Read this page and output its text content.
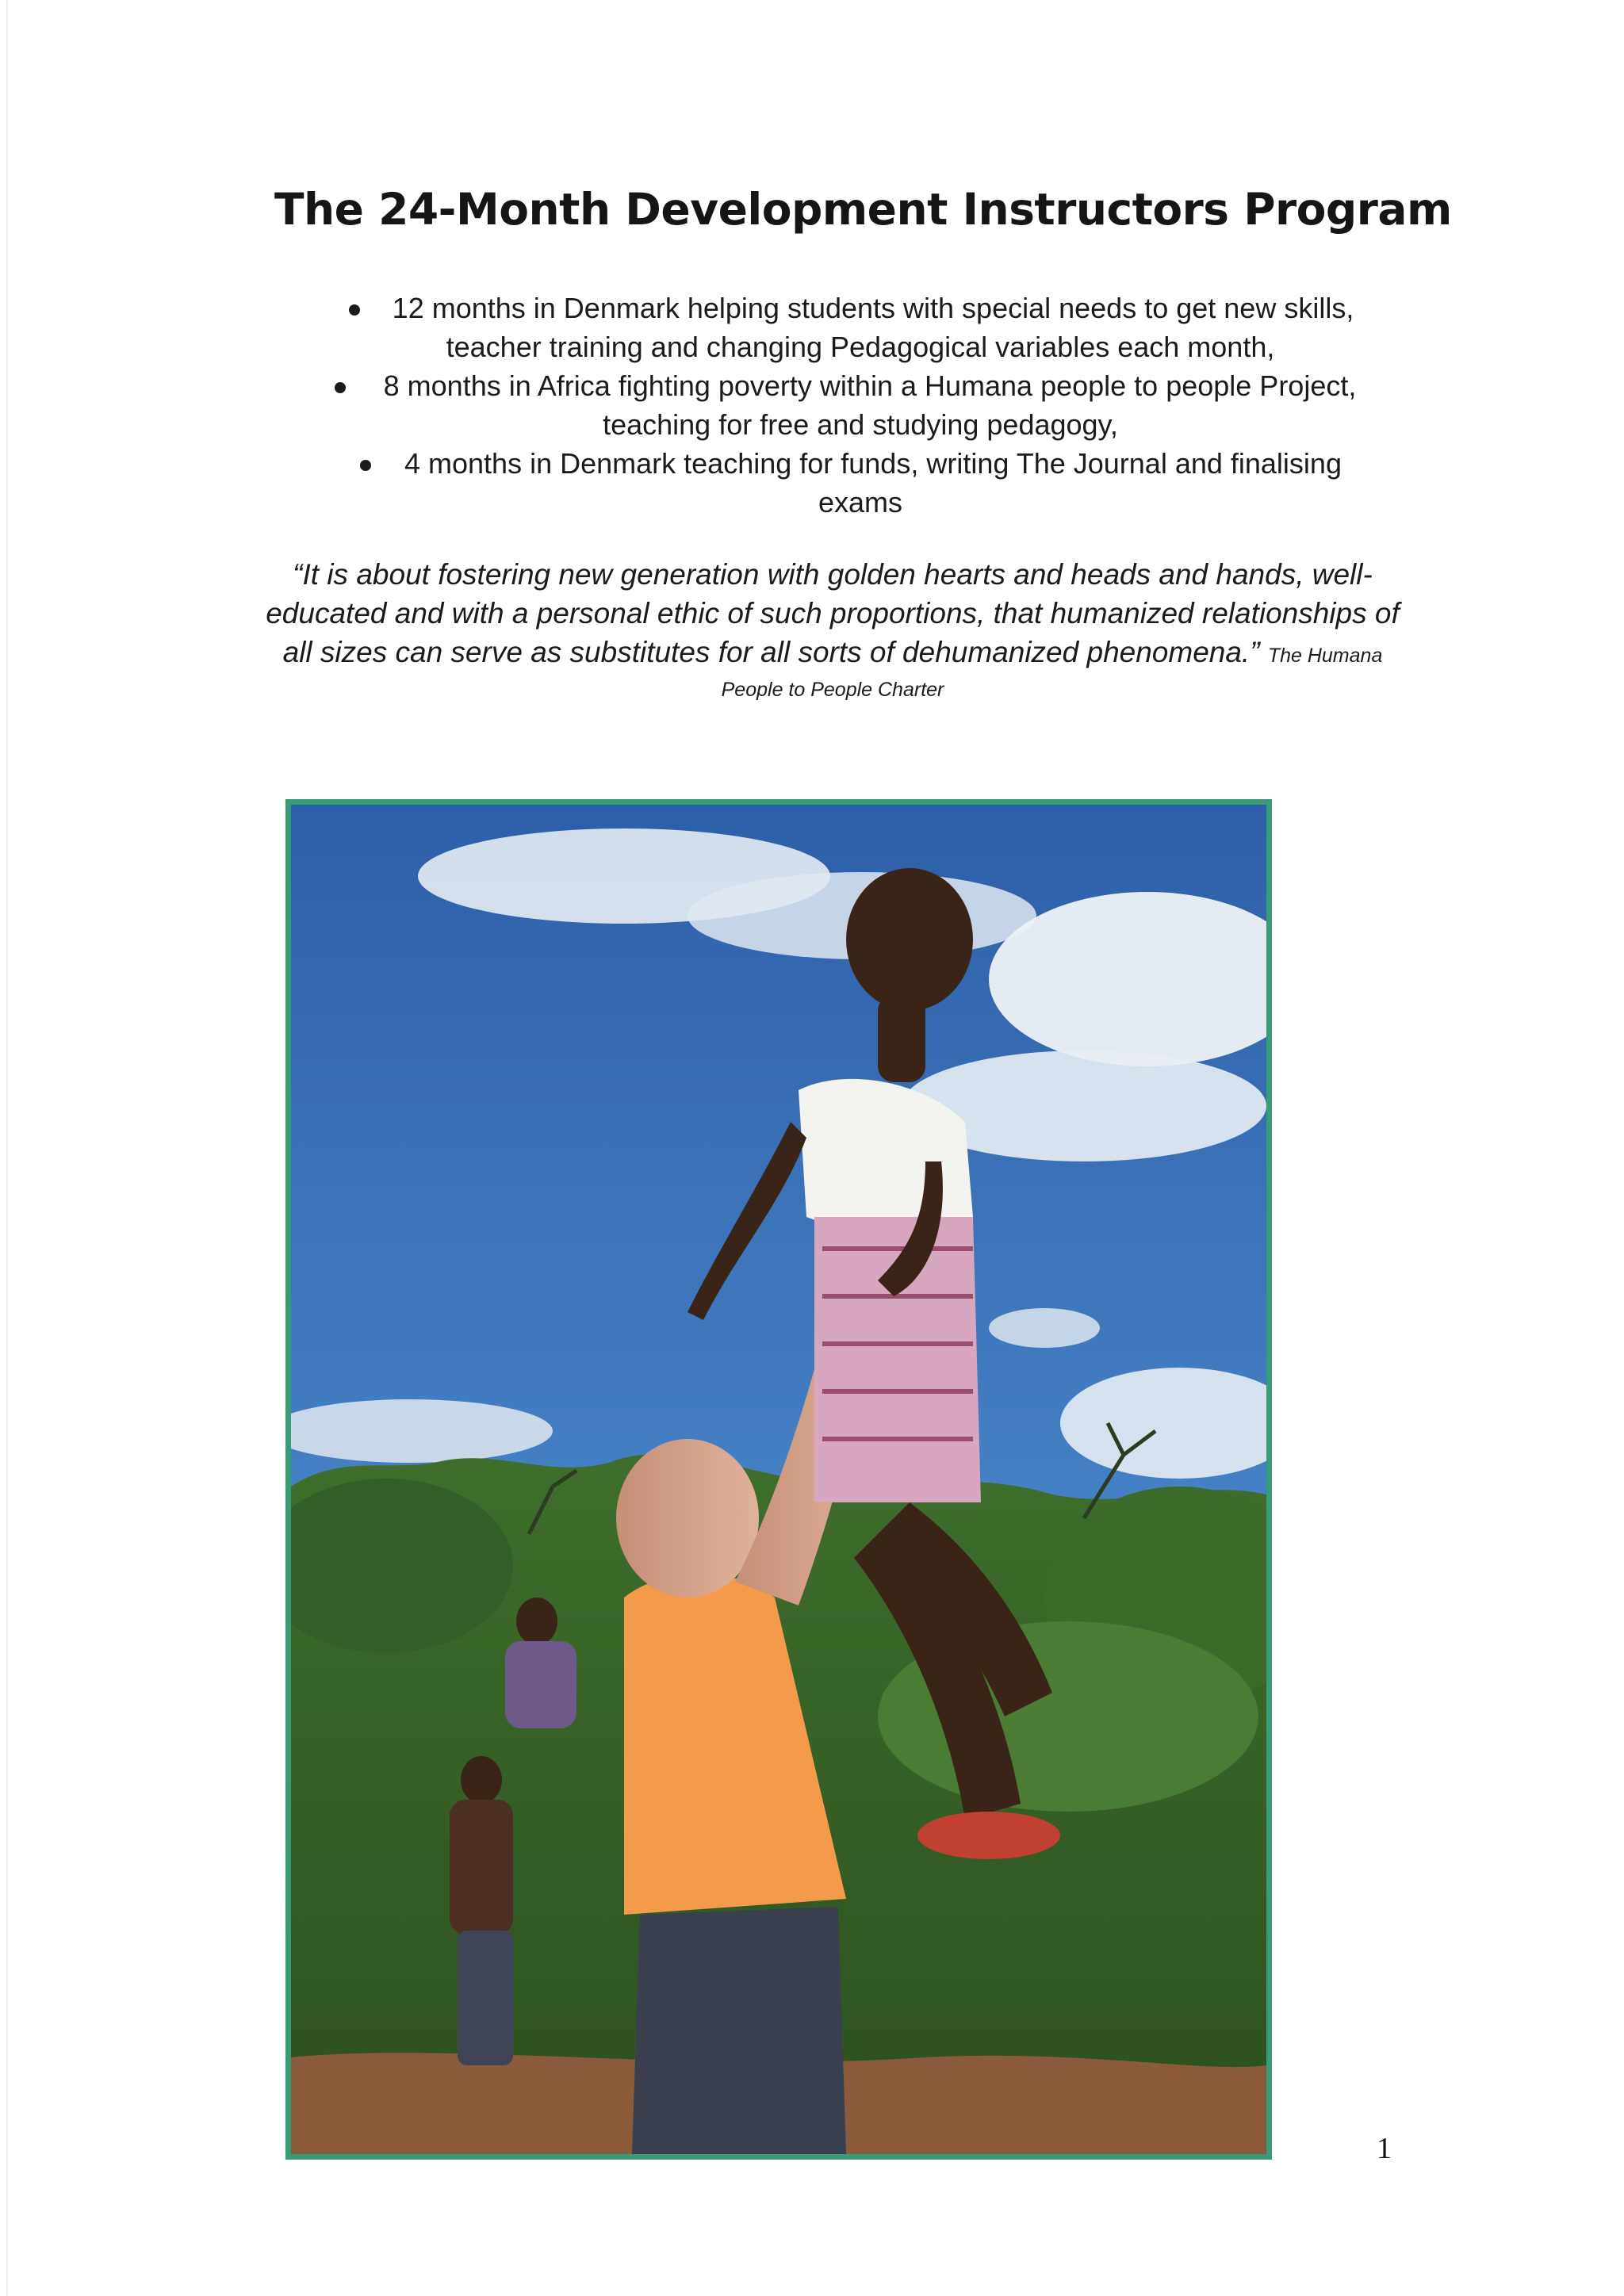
The 24-Month Development Instructors Program
12 months in Denmark helping students with special needs to get new skills,
teacher training and changing Pedagogical variables each month,
8 months in Africa fighting poverty within a Humana people to people Project,
teaching for free and studying pedagogy,
4 months in Denmark teaching for funds, writing The Journal and finalising
exams
“It is about fostering new generation with golden hearts and heads and hands, well-educated and with a personal ethic of such proportions, that humanized relationships of all sizes can serve as substitutes for all sorts of dehumanized phenomena.” The Humana
People to People Charter
1
